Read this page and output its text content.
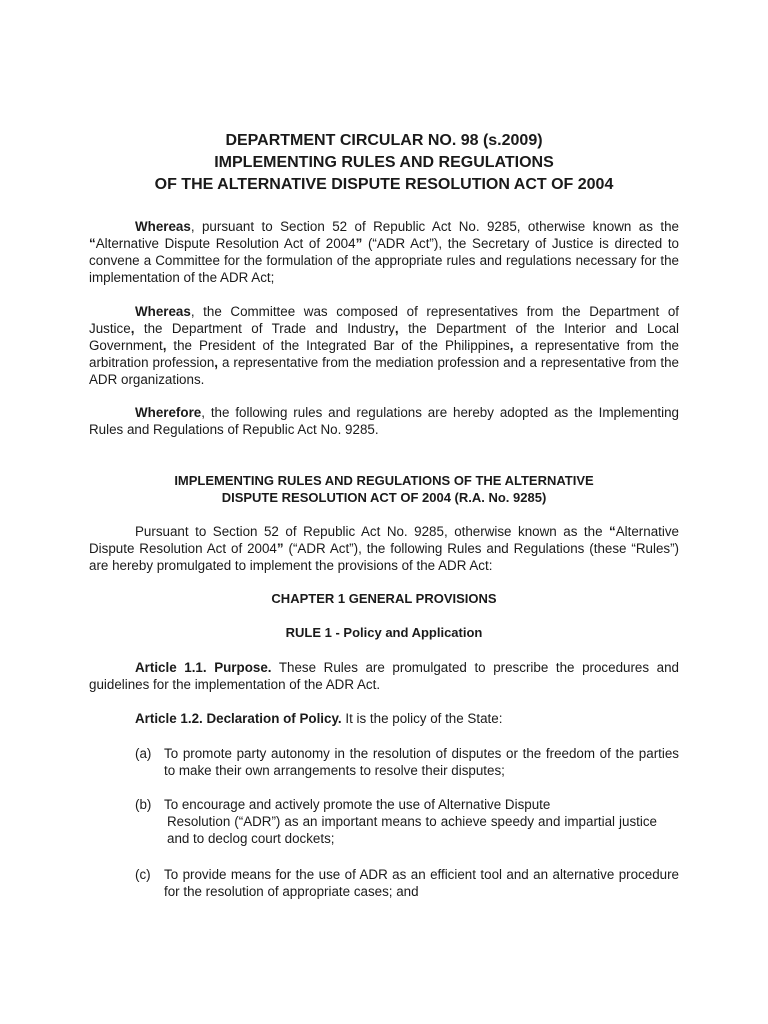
DEPARTMENT CIRCULAR NO. 98 (s.2009)
IMPLEMENTING RULES AND REGULATIONS
OF THE ALTERNATIVE DISPUTE RESOLUTION ACT OF 2004
Whereas, pursuant to Section 52 of Republic Act No. 9285, otherwise known as the “Alternative Dispute Resolution Act of 2004” (“ADR Act”), the Secretary of Justice is directed to convene a Committee for the formulation of the appropriate rules and regulations necessary for the implementation of the ADR Act;
Whereas, the Committee was composed of representatives from the Department of Justice, the Department of Trade and Industry, the Department of the Interior and Local Government, the President of the Integrated Bar of the Philippines, a representative from the arbitration profession, a representative from the mediation profession and a representative from the ADR organizations.
Wherefore, the following rules and regulations are hereby adopted as the Implementing Rules and Regulations of Republic Act No. 9285.
IMPLEMENTING RULES AND REGULATIONS OF THE ALTERNATIVE
DISPUTE RESOLUTION ACT OF 2004 (R.A. No. 9285)
Pursuant to Section 52 of Republic Act No. 9285, otherwise known as the “Alternative Dispute Resolution Act of 2004” (“ADR Act”), the following Rules and Regulations (these “Rules”) are hereby promulgated to implement the provisions of the ADR Act:
CHAPTER 1 GENERAL PROVISIONS
RULE 1 - Policy and Application
Article 1.1. Purpose. These Rules are promulgated to prescribe the procedures and guidelines for the implementation of the ADR Act.
Article 1.2. Declaration of Policy. It is the policy of the State:
(a) To promote party autonomy in the resolution of disputes or the freedom of the parties to make their own arrangements to resolve their disputes;
(b) To encourage and actively promote the use of Alternative Dispute
Resolution (“ADR”) as an important means to achieve speedy and impartial justice and to declog court dockets;
(c) To provide means for the use of ADR as an efficient tool and an alternative procedure for the resolution of appropriate cases; and
